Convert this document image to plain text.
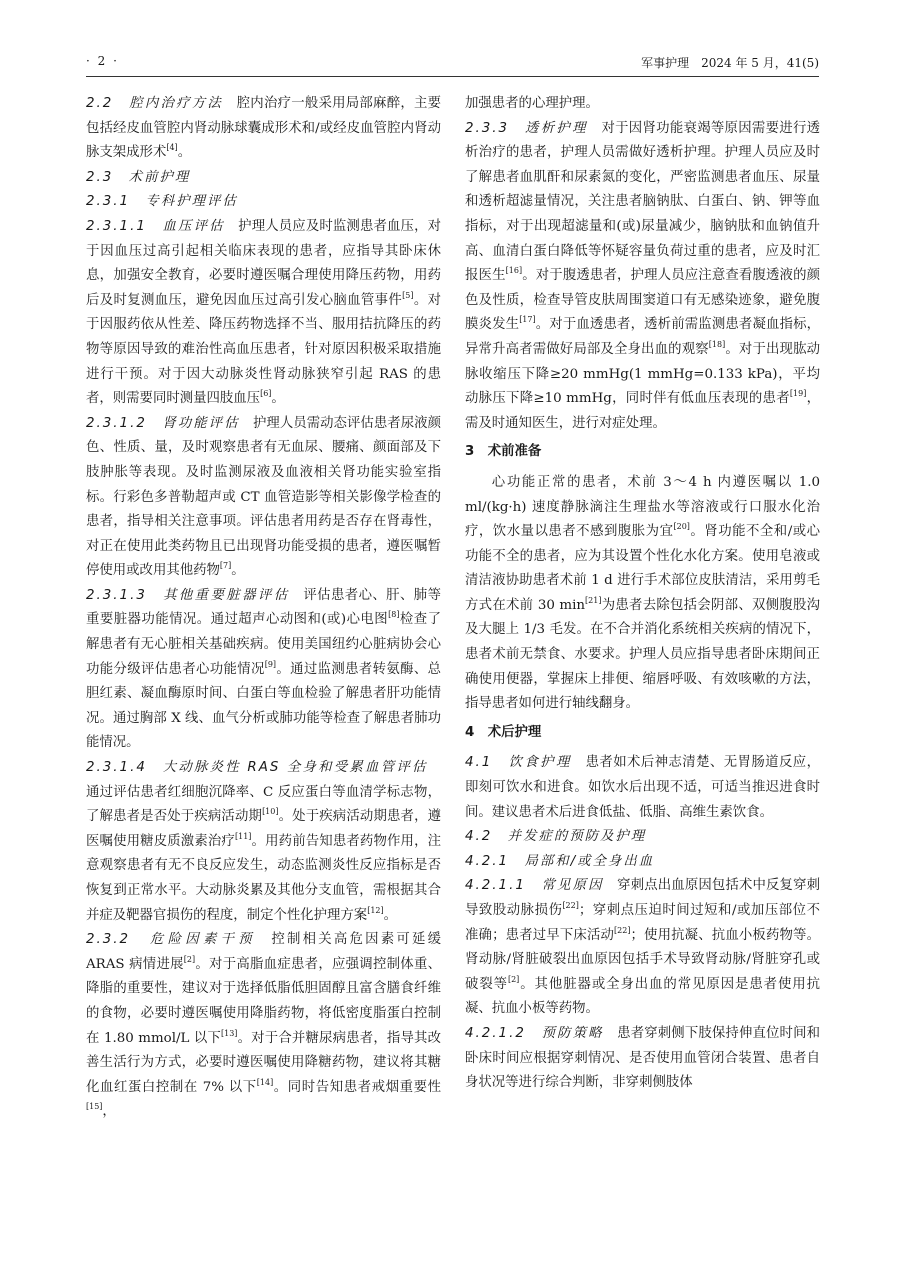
· 2 ·	军事护理　2024 年 5 月，41(5)

2.2　腔内治疗方法　腔内治疗一般采用局部麻醉，主要包括经皮血管腔内肾动脉球囊成形术和/或经皮血管腔内肾动脉支架成形术[4]。

2.3　术前护理

2.3.1　专科护理评估

2.3.1.1　血压评估　护理人员应及时监测患者血压，对于因血压过高引起相关临床表现的患者，应指导其卧床休息，加强安全教育，必要时遵医嘱合理使用降压药物，用药后及时复测血压，避免因血压过高引发心脑血管事件[5]。对于因服药依从性差、降压药物选择不当、服用拮抗降压的药物等原因导致的难治性高血压患者，针对原因积极采取措施进行干预。对于因大动脉炎性肾动脉狭窄引起 RAS 的患者，则需要同时测量四肢血压[6]。

2.3.1.2　肾功能评估　护理人员需动态评估患者尿液颜色、性质、量，及时观察患者有无血尿、腰痛、颜面部及下肢肿胀等表现。及时监测尿液及血液相关肾功能实验室指标。行彩色多普勒超声或 CT 血管造影等相关影像学检查的患者，指导相关注意事项。评估患者用药是否存在肾毒性，对正在使用此类药物且已出现肾功能受损的患者，遵医嘱暂停使用或改用其他药物[7]。

2.3.1.3　其他重要脏器评估　评估患者心、肝、肺等重要脏器功能情况。通过超声心动图和(或)心电图[8]检查了解患者有无心脏相关基础疾病。使用美国纽约心脏病协会心功能分级评估患者心功能情况[9]。通过监测患者转氨酶、总胆红素、凝血酶原时间、白蛋白等血检验了解患者肝功能情况。通过胸部 X 线、血气分析或肺功能等检查了解患者肺功能情况。

2.3.1.4　大动脉炎性 RAS 全身和受累血管评估　通过评估患者红细胞沉降率、C 反应蛋白等血清学标志物，了解患者是否处于疾病活动期[10]。处于疾病活动期患者，遵医嘱使用糖皮质激素治疗[11]。用药前告知患者药物作用，注意观察患者有无不良反应发生，动态监测炎性反应指标是否恢复到正常水平。大动脉炎累及其他分支血管，需根据其合并症及靶器官损伤的程度，制定个性化护理方案[12]。

2.3.2　危险因素干预　控制相关高危因素可延缓 ARAS 病情进展[2]。对于高脂血症患者，应强调控制体重、降脂的重要性，建议对于选择低脂低胆固醇且富含膳食纤维的食物，必要时遵医嘱使用降脂药物，将低密度脂蛋白控制在 1.80 mmol/L 以下[13]。对于合并糖尿病患者，指导其改善生活行为方式，必要时遵医嘱使用降糖药物，建议将其糖化血红蛋白控制在 7% 以下[14]。同时告知患者戒烟重要性[15]，

加强患者的心理护理。

2.3.3　透析护理　对于因肾功能衰竭等原因需要进行透析治疗的患者，护理人员需做好透析护理。护理人员应及时了解患者血肌酐和尿素氮的变化，严密监测患者血压、尿量和透析超滤量情况，关注患者脑钠肽、白蛋白、钠、钾等血指标，对于出现超滤量和(或)尿量减少，脑钠肽和血钠值升高、血清白蛋白降低等怀疑容量负荷过重的患者，应及时汇报医生[16]。对于腹透患者，护理人员应注意查看腹透液的颜色及性质，检查导管皮肤周围窦道口有无感染迹象，避免腹膜炎发生[17]。对于血透患者，透析前需监测患者凝血指标，异常升高者需做好局部及全身出血的观察[18]。对于出现肱动脉收缩压下降≥20 mmHg(1 mmHg=0.133 kPa)，平均动脉压下降≥10 mmHg，同时伴有低血压表现的患者[19]，需及时通知医生，进行对症处理。

3　术前准备

心功能正常的患者，术前 3～4 h 内遵医嘱以 1.0 ml/(kg·h) 速度静脉滴注生理盐水等溶液或行口服水化治疗，饮水量以患者不感到腹胀为宜[20]。肾功能不全和/或心功能不全的患者，应为其设置个性化水化方案。使用皂液或清洁液协助患者术前 1 d 进行手术部位皮肤清洁，采用剪毛方式在术前 30 min[21]为患者去除包括会阴部、双侧腹股沟及大腿上 1/3 毛发。在不合并消化系统相关疾病的情况下，患者术前无禁食、水要求。护理人员应指导患者卧床期间正确使用便器，掌握床上排便、缩唇呼吸、有效咳嗽的方法，指导患者如何进行轴线翻身。

4　术后护理

4.1　饮食护理　患者如术后神志清楚、无胃肠道反应，即刻可饮水和进食。如饮水后出现不适，可适当推迟进食时间。建议患者术后进食低盐、低脂、高维生素饮食。

4.2　并发症的预防及护理

4.2.1　局部和/或全身出血

4.2.1.1　常见原因　穿刺点出血原因包括术中反复穿刺导致股动脉损伤[22]；穿刺点压迫时间过短和/或加压部位不准确；患者过早下床活动[22]；使用抗凝、抗血小板药物等。肾动脉/肾脏破裂出血原因包括手术导致肾动脉/肾脏穿孔或破裂等[2]。其他脏器或全身出血的常见原因是患者使用抗凝、抗血小板等药物。

4.2.1.2　预防策略　患者穿刺侧下肢保持伸直位时间和卧床时间应根据穿刺情况、是否使用血管闭合装置、患者自身状况等进行综合判断，非穿刺侧肢体
